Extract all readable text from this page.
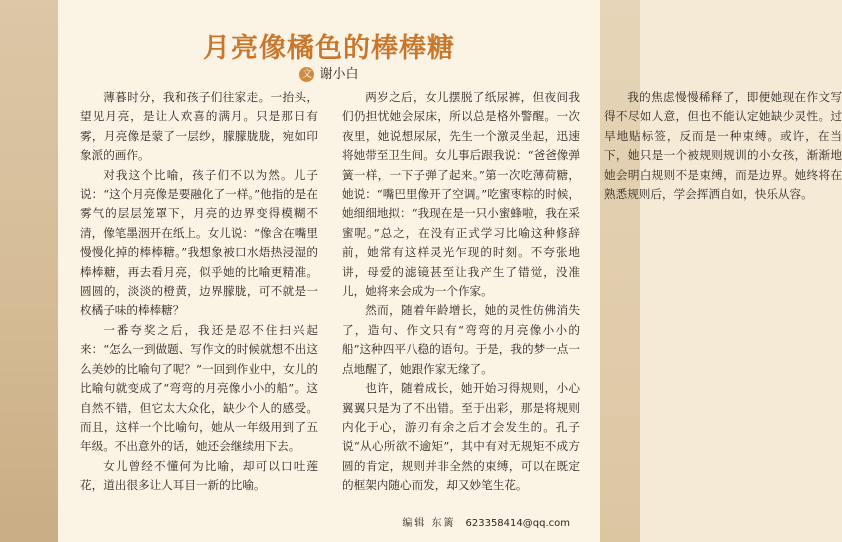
月亮像橘色的棒棒糖
文 谢小白

薄暮时分，我和孩子们往家走。一抬头，望见月亮，是让人欢喜的满月。只是那日有雾，月亮像是蒙了一层纱，朦朦胧胧，宛如印象派的画作。

对我这个比喻，孩子们不以为然。儿子说：“这个月亮像是要融化了一样。”他指的是在雾气的层层笼罩下，月亮的边界变得模糊不清，像笔墨洇开在纸上。女儿说：“像含在嘴里慢慢化掉的棒棒糖。”我想象被口水焐热浸湿的棒棒糖，再去看月亮，似乎她的比喻更精准。圆圆的，淡淡的橙黄，边界朦胧，可不就是一枚橘子味的棒棒糖？

一番夸奖之后，我还是忍不住扫兴起来：“怎么一到做题、写作文的时候就想不出这么美妙的比喻句了呢？”一回到作业中，女儿的比喻句就变成了“弯弯的月亮像小小的船”。这自然不错，但它太大众化，缺少个人的感受。而且，这样一个比喻句，她从一年级用到了五年级。不出意外的话，她还会继续用下去。

女儿曾经不懂何为比喻，却可以口吐莲花，道出很多让人耳目一新的比喻。

两岁之后，女儿摆脱了纸尿裤，但夜间我们仍担忧她会尿床，所以总是格外警醒。一次夜里，她说想尿尿，先生一个激灵坐起，迅速将她带至卫生间。女儿事后跟我说：“爸爸像弹簧一样，一下子弹了起来。”第一次吃薄荷糖，她说：“嘴巴里像开了空调。”吃蜜枣粽的时候，她细细地拟：“我现在是一只小蜜蜂啦，我在采蜜呢。”总之，在没有正式学习比喻这种修辞前，她常有这样灵光乍现的时刻。不夸张地讲，母爱的滤镜甚至让我产生了错觉，没准儿，她将来会成为一个作家。

然而，随着年龄增长，她的灵性仿佛消失了，造句、作文只有“弯弯的月亮像小小的船”这种四平八稳的语句。于是，我的梦一点一点地醒了，她跟作家无缘了。

也许，随着成长，她开始习得规则，小心翼翼只是为了不出错。至于出彩，那是将规则内化于心，游刃有余之后才会发生的。孔子说“从心所欲不逾矩”，其中有对无规矩不成方圆的肯定，规则并非全然的束缚，可以在既定的框架内随心而发，却又妙笔生花。

我的焦虑慢慢稀释了，即便她现在作文写得不尽如人意，但也不能认定她缺少灵性。过早地贴标签，反而是一种束缚。或许，在当下，她只是一个被规则规训的小女孩，渐渐地她会明白规则不是束缚，而是边界。她终将在熟悉规则后，学会挥洒自如，快乐从容。

编辑 东篱 623358414@qq.com
